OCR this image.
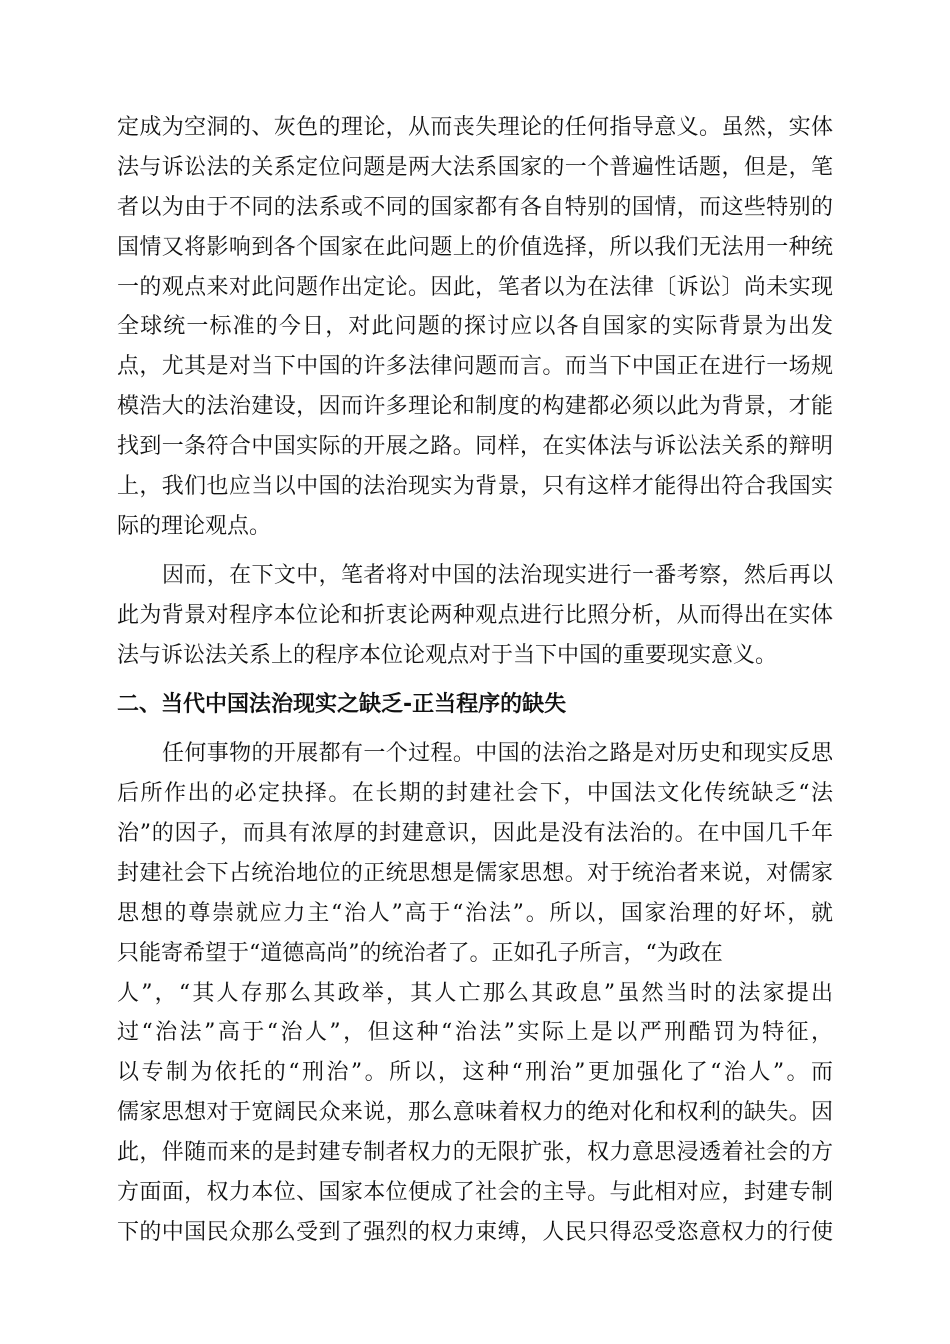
定成为空洞的、灰色的理论，从而丧失理论的任何指导意义。虽然，实体
法与诉讼法的关系定位问题是两大法系国家的一个普遍性话题，但是，笔
者以为由于不同的法系或不同的国家都有各自特别的国情，而这些特别的
国情又将影响到各个国家在此问题上的价值选择，所以我们无法用一种统
一的观点来对此问题作出定论。因此，笔者以为在法律〔诉讼〕尚未实现
全球统一标准的今日，对此问题的探讨应以各自国家的实际背景为出发
点，尤其是对当下中国的许多法律问题而言。而当下中国正在进行一场规
模浩大的法治建设，因而许多理论和制度的构建都必须以此为背景，才能
找到一条符合中国实际的开展之路。同样，在实体法与诉讼法关系的辩明
上，我们也应当以中国的法治现实为背景，只有这样才能得出符合我国实
际的理论观点。
因而，在下文中，笔者将对中国的法治现实进行一番考察，然后再以
此为背景对程序本位论和折衷论两种观点进行比照分析，从而得出在实体
法与诉讼法关系上的程序本位论观点对于当下中国的重要现实意义。
二、当代中国法治现实之缺乏-正当程序的缺失
任何事物的开展都有一个过程。中国的法治之路是对历史和现实反思
后所作出的必定抉择。在长期的封建社会下，中国法文化传统缺乏“法
治”的因子，而具有浓厚的封建意识，因此是没有法治的。在中国几千年
封建社会下占统治地位的正统思想是儒家思想。对于统治者来说，对儒家
思想的尊崇就应力主“治人”高于“治法”。所以，国家治理的好坏，就
只能寄希望于“道德高尚”的统治者了。正如孔子所言，“为政在
人”，“其人存那么其政举，其人亡那么其政息”虽然当时的法家提出
过“治法”高于“治人”，但这种“治法”实际上是以严刑酷罚为特征，
以专制为依托的“刑治”。所以，这种“刑治”更加强化了“治人”。而
儒家思想对于宽阔民众来说，那么意味着权力的绝对化和权利的缺失。因
此，伴随而来的是封建专制者权力的无限扩张，权力意思浸透着社会的方
方面面，权力本位、国家本位便成了社会的主导。与此相对应，封建专制
下的中国民众那么受到了强烈的权力束缚，人民只得忍受恣意权力的行使
